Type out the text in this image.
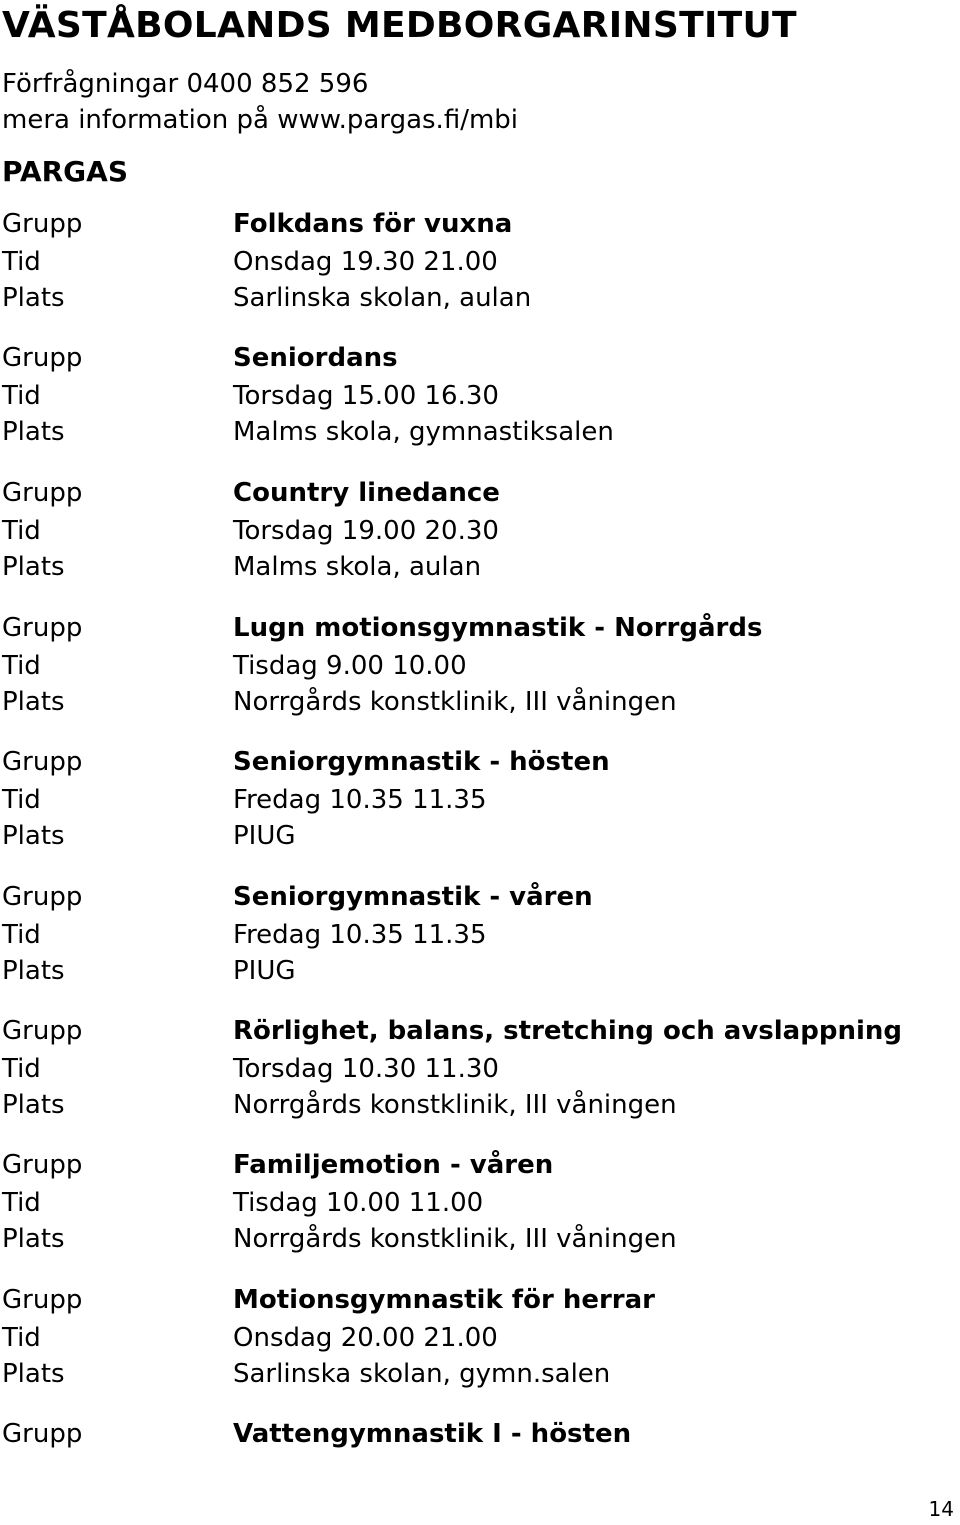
VÄSTÅBOLANDS MEDBORGARINSTITUT
Förfrågningar 0400 852 596
mera information på www.pargas.fi/mbi
PARGAS
Grupp	Folkdans för vuxna
Tid	Onsdag 19.30 21.00
Plats	Sarlinska skolan, aulan
Grupp	Seniordans
Tid	Torsdag 15.00 16.30
Plats	Malms skola, gymnastiksalen
Grupp	Country linedance
Tid	Torsdag 19.00 20.30
Plats	Malms skola, aulan
Grupp	Lugn motionsgymnastik - Norrgårds
Tid	Tisdag 9.00 10.00
Plats	Norrgårds konstklinik, III våningen
Grupp	Seniorgymnastik - hösten
Tid	Fredag 10.35 11.35
Plats	PIUG
Grupp	Seniorgymnastik - våren
Tid	Fredag 10.35 11.35
Plats	PIUG
Grupp	Rörlighet, balans, stretching och avslappning
Tid	Torsdag 10.30 11.30
Plats	Norrgårds konstklinik, III våningen
Grupp	Familjemotion - våren
Tid	Tisdag 10.00 11.00
Plats	Norrgårds konstklinik, III våningen
Grupp	Motionsgymnastik för herrar
Tid	Onsdag 20.00 21.00
Plats	Sarlinska skolan, gymn.salen
Grupp	Vattengymnastik I - hösten
14
